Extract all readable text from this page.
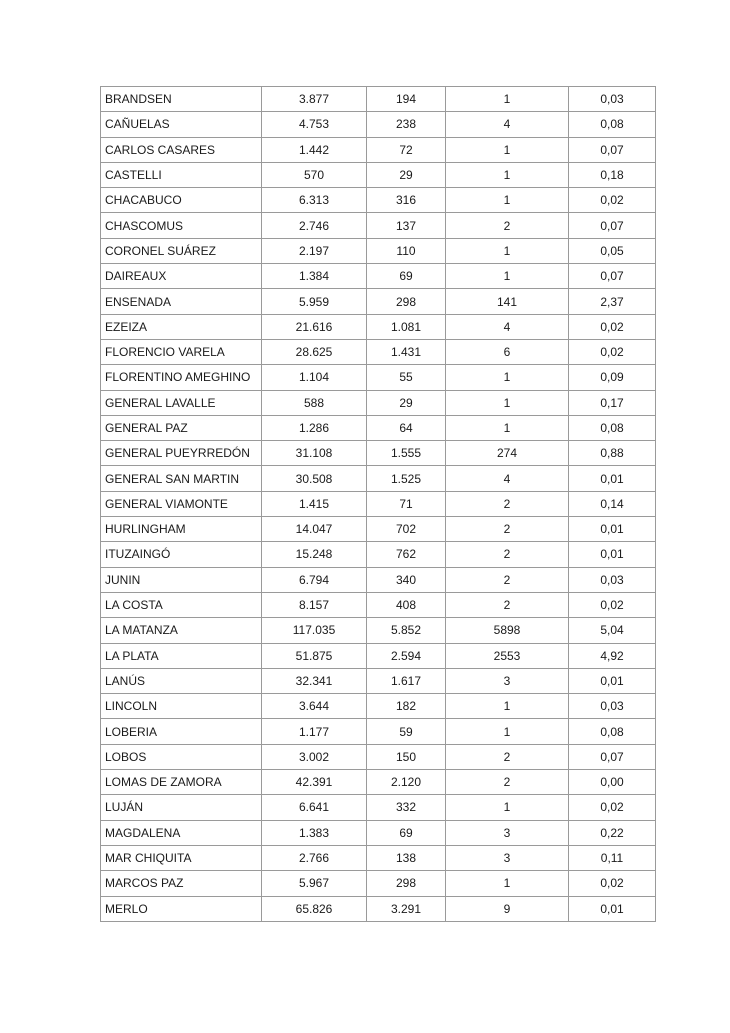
BRANDSEN	3.877	194	1	0,03
CAÑUELAS	4.753	238	4	0,08
CARLOS CASARES	1.442	72	1	0,07
CASTELLI	570	29	1	0,18
CHACABUCO	6.313	316	1	0,02
CHASCOMUS	2.746	137	2	0,07
CORONEL SUÁREZ	2.197	110	1	0,05
DAIREAUX	1.384	69	1	0,07
ENSENADA	5.959	298	141	2,37
EZEIZA	21.616	1.081	4	0,02
FLORENCIO VARELA	28.625	1.431	6	0,02
FLORENTINO AMEGHINO	1.104	55	1	0,09
GENERAL LAVALLE	588	29	1	0,17
GENERAL PAZ	1.286	64	1	0,08
GENERAL PUEYRREDÓN	31.108	1.555	274	0,88
GENERAL SAN MARTIN	30.508	1.525	4	0,01
GENERAL VIAMONTE	1.415	71	2	0,14
HURLINGHAM	14.047	702	2	0,01
ITUZAINGÓ	15.248	762	2	0,01
JUNIN	6.794	340	2	0,03
LA COSTA	8.157	408	2	0,02
LA MATANZA	117.035	5.852	5898	5,04
LA PLATA	51.875	2.594	2553	4,92
LANÚS	32.341	1.617	3	0,01
LINCOLN	3.644	182	1	0,03
LOBERIA	1.177	59	1	0,08
LOBOS	3.002	150	2	0,07
LOMAS DE ZAMORA	42.391	2.120	2	0,00
LUJÁN	6.641	332	1	0,02
MAGDALENA	1.383	69	3	0,22
MAR CHIQUITA	2.766	138	3	0,11
MARCOS PAZ	5.967	298	1	0,02
MERLO	65.826	3.291	9	0,01
